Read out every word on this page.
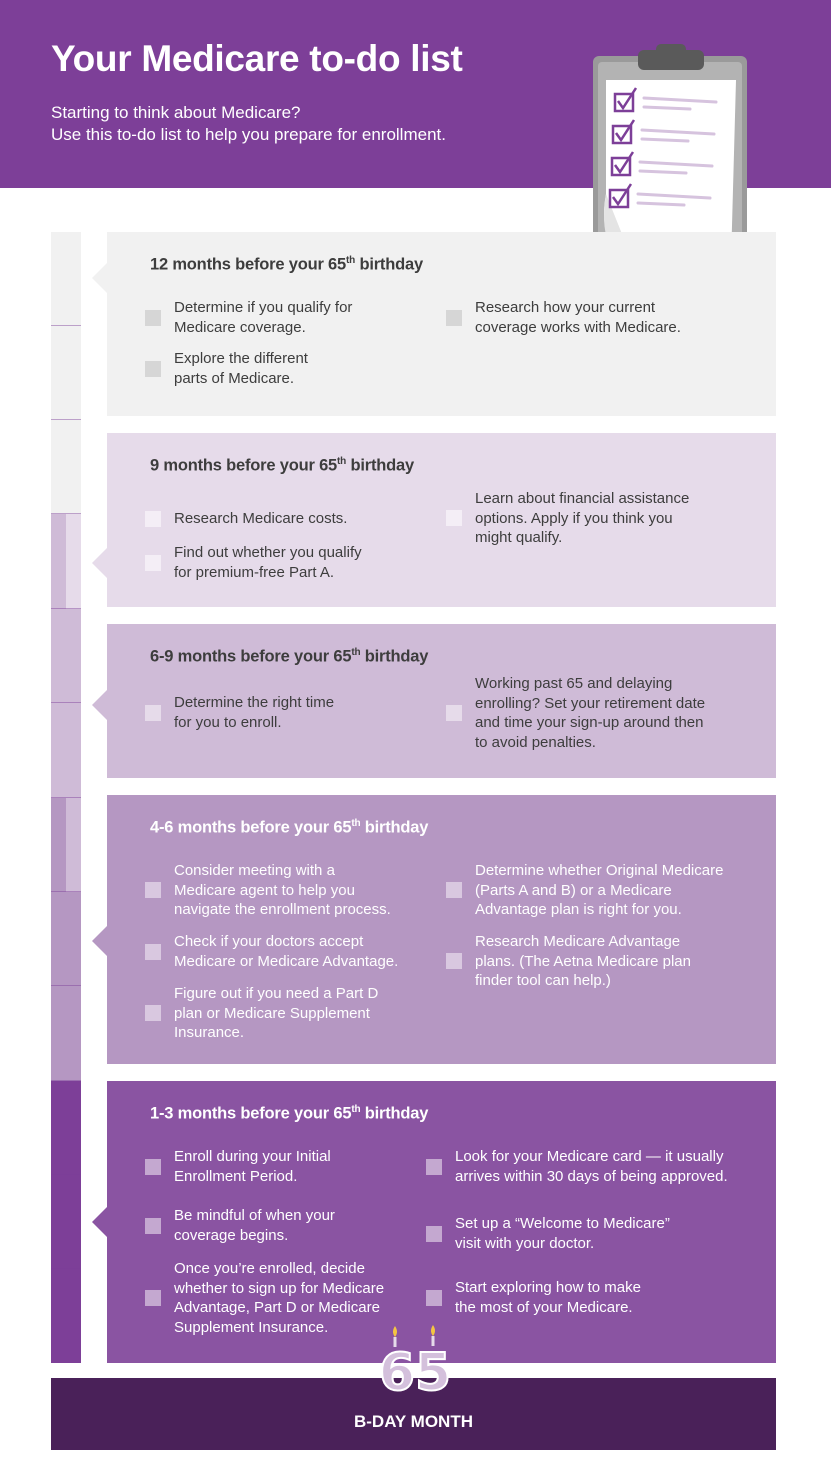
Your Medicare to-do list
Starting to think about Medicare?
Use this to-do list to help you prepare for enrollment.
12 months before your 65th birthday
Determine if you qualify for
Medicare coverage.
Explore the different
parts of Medicare.
Research how your current
coverage works with Medicare.
9 months before your 65th birthday
Research Medicare costs.
Find out whether you qualify
for premium-free Part A.
Learn about financial assistance
options. Apply if you think you
might qualify.
6-9 months before your 65th birthday
Determine the right time
for you to enroll.
Working past 65 and delaying
enrolling? Set your retirement date
and time your sign-up around then
to avoid penalties.
4-6 months before your 65th birthday
Consider meeting with a
Medicare agent to help you
navigate the enrollment process.
Check if your doctors accept
Medicare or Medicare Advantage.
Figure out if you need a Part D
plan or Medicare Supplement
Insurance.
Determine whether Original Medicare
(Parts A and B) or a Medicare
Advantage plan is right for you.
Research Medicare Advantage
plans. (The Aetna Medicare plan
finder tool can help.)
1-3 months before your 65th birthday
Enroll during your Initial
Enrollment Period.
Be mindful of when your
coverage begins.
Once you’re enrolled, decide
whether to sign up for Medicare
Advantage, Part D or Medicare
Supplement Insurance.
Look for your Medicare card — it usually
arrives within 30 days of being approved.
Set up a “Welcome to Medicare”
visit with your doctor.
Start exploring how to make
the most of your Medicare.
B-DAY MONTH
65
